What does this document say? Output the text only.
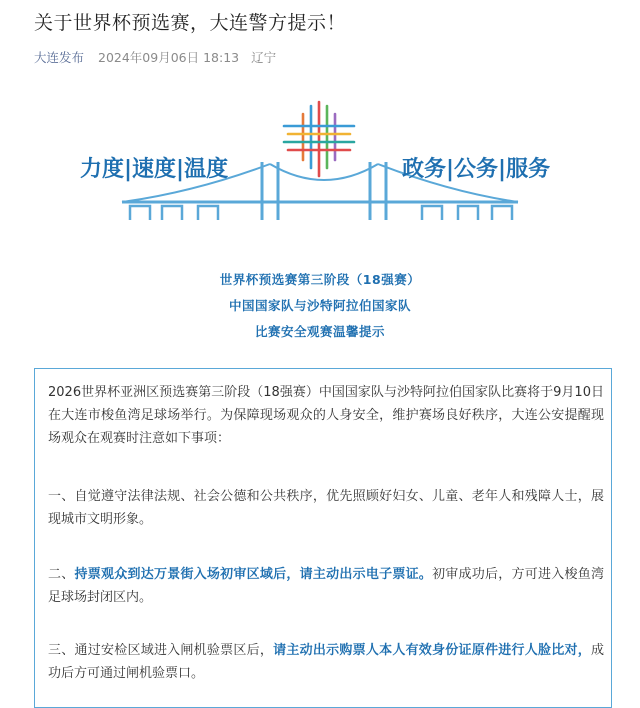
关于世界杯预选赛，大连警方提示！
大连发布 2024年09月06日 18:13 辽宁
力度|速度|温度	政务|公务|服务
世界杯预选赛第三阶段（18强赛）
中国国家队与沙特阿拉伯国家队
比赛安全观赛温馨提示

2026世界杯亚洲区预选赛第三阶段（18强赛）中国国家队与沙特阿拉伯国家队比赛将于9月10日在大连市梭鱼湾足球场举行。为保障现场观众的人身安全，维护赛场良好秩序，大连公安提醒现场观众在观赛时注意如下事项：

一、自觉遵守法律法规、社会公德和公共秩序，优先照顾好妇女、儿童、老年人和残障人士，展现城市文明形象。

二、持票观众到达万景街入场初审区域后，请主动出示电子票证。初审成功后，方可进入梭鱼湾足球场封闭区内。

三、通过安检区域进入闸机验票区后，请主动出示购票人本人有效身份证原件进行人脸比对，成功后方可通过闸机验票口。
